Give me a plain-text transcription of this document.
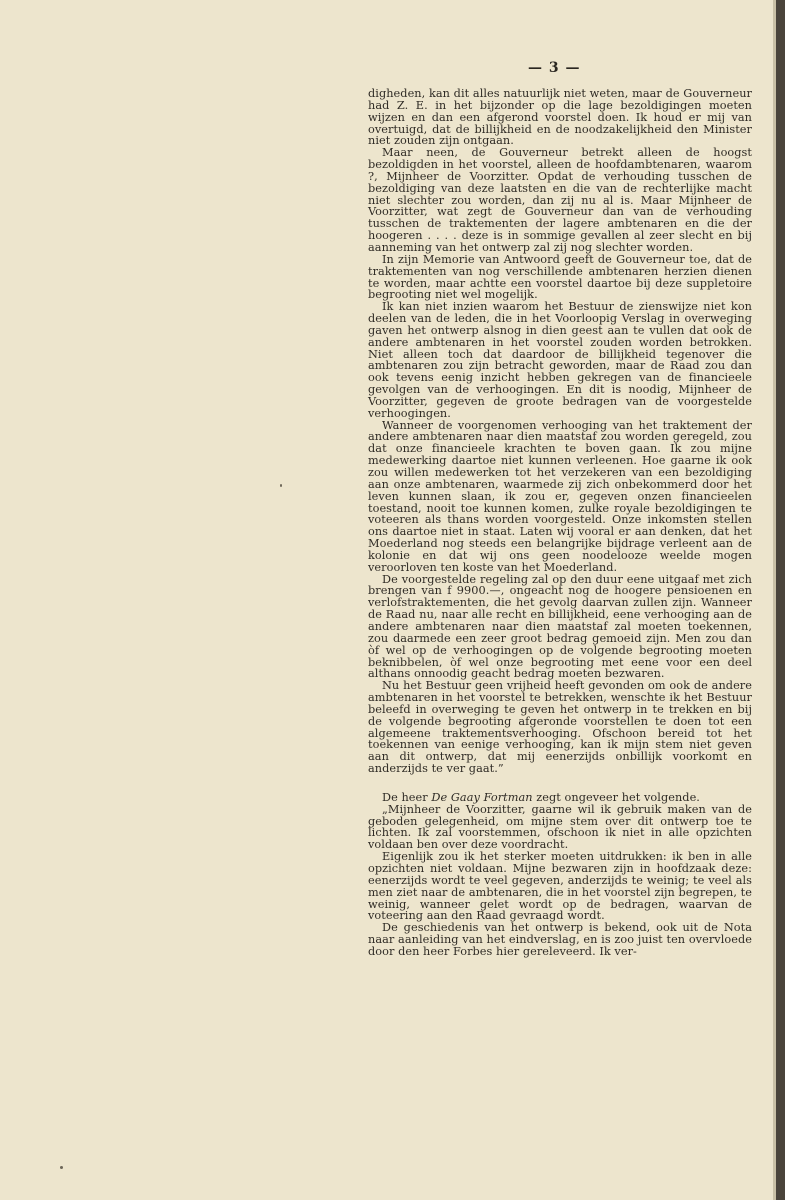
— 3 —

digheden, kan dit alles natuurlijk niet weten, maar de Gouverneur had Z. E. in het bijzonder op die lage bezoldigingen moeten wijzen en dan een afgerond voorstel doen. Ik houd er mij van overtuigd, dat de billijkheid en de noodzakelijkheid den Minister niet zouden zijn ontgaan.

Maar neen, de Gouverneur betrekt alleen de hoogst bezoldigden in het voorstel, alleen de hoofdambtenaren, waarom ?, Mijnheer de Voorzitter. Opdat de verhouding tusschen de bezoldiging van deze laatsten en die van de rechterlijke macht niet slechter zou worden, dan zij nu al is. Maar Mijnheer de Voorzitter, wat zegt de Gouverneur dan van de verhouding tusschen de traktementen der lagere ambtenaren en die der hoogeren . . . . deze is in sommige gevallen al zeer slecht en bij aanneming van het ontwerp zal zij nog slechter worden.

In zijn Memorie van Antwoord geeft de Gouverneur toe, dat de traktementen van nog verschillende ambtenaren herzien dienen te worden, maar achtte een voorstel daartoe bij deze suppletoire begrooting niet wel mogelijk.

Ik kan niet inzien waarom het Bestuur de zienswijze niet kon deelen van de leden, die in het Voorloopig Verslag in overweging gaven het ontwerp alsnog in dien geest aan te vullen dat ook de andere ambtenaren in het voorstel zouden worden betrokken. Niet alleen toch dat daardoor de billijkheid tegenover die ambtenaren zou zijn betracht geworden, maar de Raad zou dan ook tevens eenig inzicht hebben gekregen van de financieele gevolgen van de verhoogingen. En dit is noodig, Mijnheer de Voorzitter, gegeven de groote bedragen van de voorgestelde verhoogingen.

Wanneer de voorgenomen verhooging van het traktement der andere ambtenaren naar dien maatstaf zou worden geregeld, zou dat onze financieele krachten te boven gaan. Ik zou mijne medewerking daartoe niet kunnen verleenen. Hoe gaarne ik ook zou willen medewerken tot het verzekeren van een bezoldiging aan onze ambtenaren, waarmede zij zich onbekommerd door het leven kunnen slaan, ik zou er, gegeven onzen financieelen toestand, nooit toe kunnen komen, zulke royale bezoldigingen te voteeren als thans worden voorgesteld. Onze inkomsten stellen ons daartoe niet in staat. Laten wij vooral er aan denken, dat het Moederland nog steeds een belangrijke bijdrage verleent aan de kolonie en dat wij ons geen noodelooze weelde mogen veroorloven ten koste van het Moederland.

De voorgestelde regeling zal op den duur eene uitgaaf met zich brengen van f 9900.—, ongeacht nog de hoogere pensioenen en verlofstraktementen, die het gevolg daarvan zullen zijn. Wanneer de Raad nu, naar alle recht en billijkheid, eene verhooging aan de andere ambtenaren naar dien maatstaf zal moeten toekennen, zou daarmede een zeer groot bedrag gemoeid zijn. Men zou dan òf wel op de verhoogingen op de volgende begrooting moeten beknibbelen, òf wel onze begrooting met eene voor een deel althans onnoodig geacht bedrag moeten bezwaren.

Nu het Bestuur geen vrijheid heeft gevonden om ook de andere ambtenaren in het voorstel te betrekken, wenschte ik het Bestuur beleefd in overweging te geven het ontwerp in te trekken en bij de volgende begrooting afgeronde voorstellen te doen tot een algemeene traktementsverhooging. Ofschoon bereid tot het toekennen van eenige verhooging, kan ik mijn stem niet geven aan dit ontwerp, dat mij eenerzijds onbillijk voorkomt en anderzijds te ver gaat.”

De heer De Gaay Fortman zegt ongeveer het volgende.

„Mijnheer de Voorzitter, gaarne wil ik gebruik maken van de geboden gelegenheid, om mijne stem over dit ontwerp toe te lichten. Ik zal voorstemmen, ofschoon ik niet in alle opzichten voldaan ben over deze voordracht.

Eigenlijk zou ik het sterker moeten uitdrukken: ik ben in alle opzichten niet voldaan. Mijne bezwaren zijn in hoofdzaak deze: eenerzijds wordt te veel gegeven, anderzijds te weinig; te veel als men ziet naar de ambtenaren, die in het voorstel zijn begrepen, te weinig, wanneer gelet wordt op de bedragen, waarvan de voteering aan den Raad gevraagd wordt.

De geschiedenis van het ontwerp is bekend, ook uit de Nota naar aanleiding van het eindverslag, en is zoo juist ten overvloede door den heer Forbes hier gereleveerd. Ik ver-
